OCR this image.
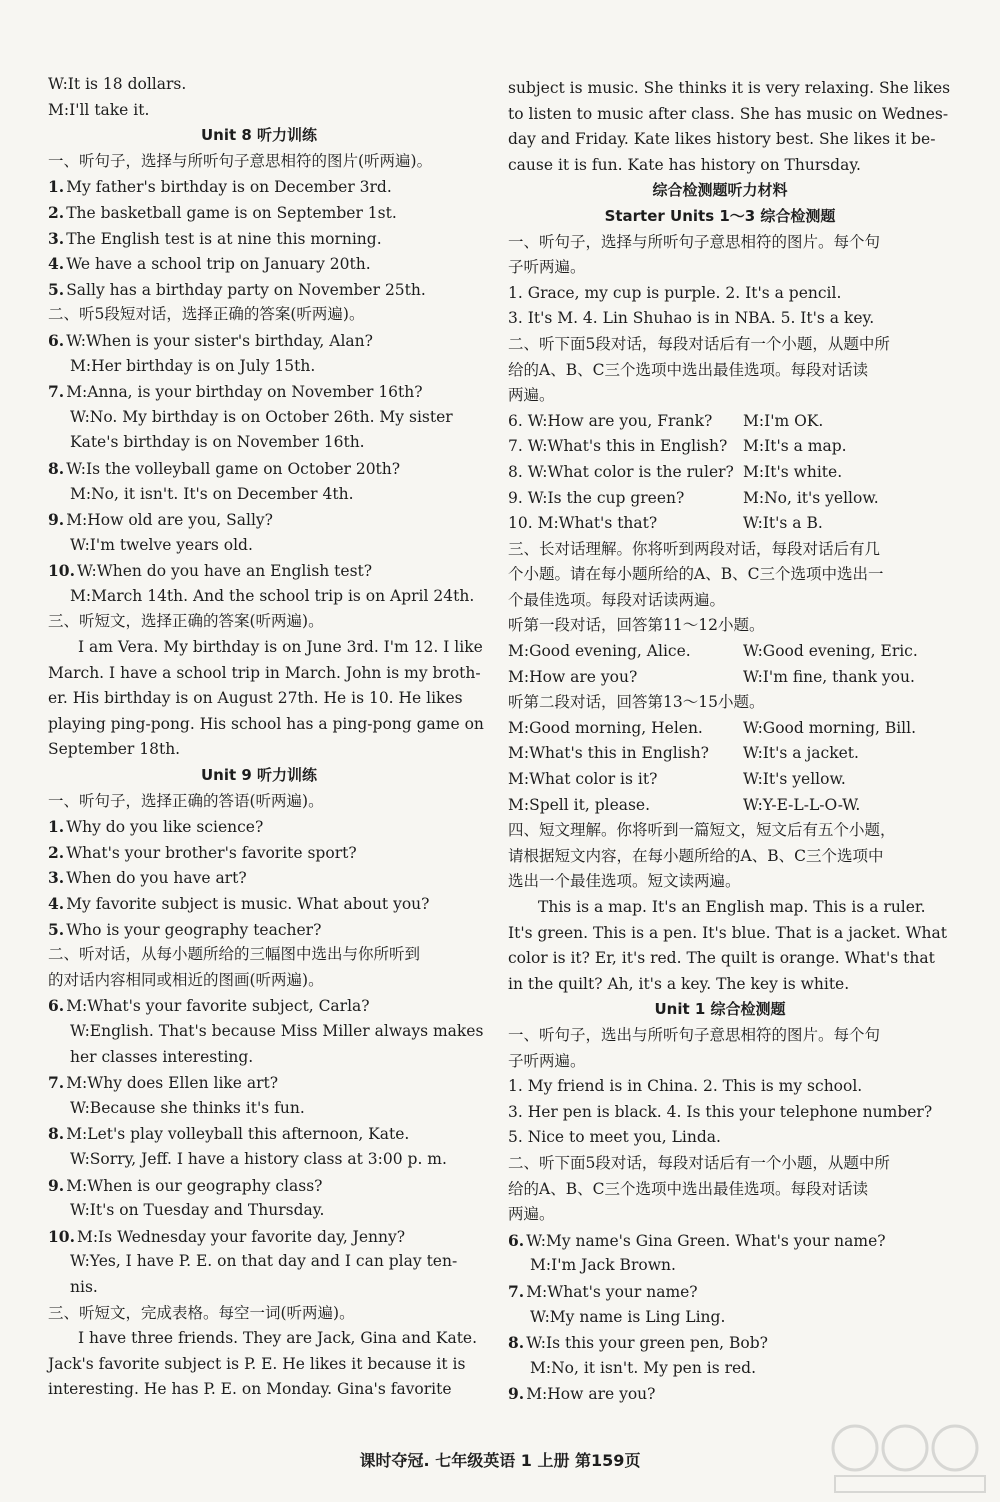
W:It is 18 dollars.
M:I'll take it.
Unit 8 听力训练
一、听句子，选择与所听句子意思相符的图片(听两遍)。
1. My father's birthday is on December 3rd.
2. The basketball game is on September 1st.
3. The English test is at nine this morning.
4. We have a school trip on January 20th.
5. Sally has a birthday party on November 25th.
二、听5段短对话，选择正确的答案(听两遍)。
6. W:When is your sister's birthday, Alan?
M:Her birthday is on July 15th.
7. M:Anna, is your birthday on November 16th?
W:No. My birthday is on October 26th. My sister
Kate's birthday is on November 16th.
8. W:Is the volleyball game on October 20th?
M:No, it isn't. It's on December 4th.
9. M:How old are you, Sally?
W:I'm twelve years old.
10. W:When do you have an English test?
M:March 14th. And the school trip is on April 24th.
三、听短文，选择正确的答案(听两遍)。
I am Vera. My birthday is on June 3rd. I'm 12. I like
March. I have a school trip in March. John is my broth-
er. His birthday is on August 27th. He is 10. He likes
playing ping-pong. His school has a ping-pong game on
September 18th.
Unit 9 听力训练
一、听句子，选择正确的答语(听两遍)。
1. Why do you like science?
2. What's your brother's favorite sport?
3. When do you have art?
4. My favorite subject is music. What about you?
5. Who is your geography teacher?
二、听对话，从每小题所给的三幅图中选出与你所听到
的对话内容相同或相近的图画(听两遍)。
6. M:What's your favorite subject, Carla?
W:English. That's because Miss Miller always makes
her classes interesting.
7. M:Why does Ellen like art?
W:Because she thinks it's fun.
8. M:Let's play volleyball this afternoon, Kate.
W:Sorry, Jeff. I have a history class at 3:00 p. m.
9. M:When is our geography class?
W:It's on Tuesday and Thursday.
10. M:Is Wednesday your favorite day, Jenny?
W:Yes, I have P. E. on that day and I can play ten-
nis.
三、听短文，完成表格。每空一词(听两遍)。
I have three friends. They are Jack, Gina and Kate.
Jack's favorite subject is P. E. He likes it because it is
interesting. He has P. E. on Monday. Gina's favorite
subject is music. She thinks it is very relaxing. She likes
to listen to music after class. She has music on Wednes-
day and Friday. Kate likes history best. She likes it be-
cause it is fun. Kate has history on Thursday.
综合检测题听力材料
Starter Units 1～3 综合检测题
一、听句子，选择与所听句子意思相符的图片。每个句
子听两遍。
1. Grace, my cup is purple. 2. It's a pencil.
3. It's M. 4. Lin Shuhao is in NBA. 5. It's a key.
二、听下面5段对话，每段对话后有一个小题，从题中所
给的A、B、C三个选项中选出最佳选项。每段对话读
两遍。
6. W:How are you, Frank?	M:I'm OK.
7. W:What's this in English?	M:It's a map.
8. W:What color is the ruler? M:It's white.
9. W:Is the cup green?	M:No, it's yellow.
10. M:What's that?	W:It's a B.
三、长对话理解。你将听到两段对话，每段对话后有几
个小题。请在每小题所给的A、B、C三个选项中选出一
个最佳选项。每段对话读两遍。
听第一段对话，回答第11～12小题。
M:Good evening, Alice.	W:Good evening, Eric.
M:How are you?	W:I'm fine, thank you.
听第二段对话，回答第13～15小题。
M:Good morning, Helen.	W:Good morning, Bill.
M:What's this in English?	W:It's a jacket.
M:What color is it?	W:It's yellow.
M:Spell it, please.	W:Y-E-L-L-O-W.
四、短文理解。你将听到一篇短文，短文后有五个小题，
请根据短文内容，在每小题所给的A、B、C三个选项中
选出一个最佳选项。短文读两遍。
This is a map. It's an English map. This is a ruler.
It's green. This is a pen. It's blue. That is a jacket. What
color is it? Er, it's red. The quilt is orange. What's that
in the quilt? Ah, it's a key. The key is white.
Unit 1 综合检测题
一、听句子，选出与所听句子意思相符的图片。每个句
子听两遍。
1. My friend is in China. 2. This is my school.
3. Her pen is black. 4. Is this your telephone number?
5. Nice to meet you, Linda.
二、听下面5段对话，每段对话后有一个小题，从题中所
给的A、B、C三个选项中选出最佳选项。每段对话读
两遍。
6. W:My name's Gina Green. What's your name?
M:I'm Jack Brown.
7. M:What's your name?
W:My name is Ling Ling.
8. W:Is this your green pen, Bob?
M:No, it isn't. My pen is red.
9. M:How are you?
课时夺冠. 七年级英语 1 上册 第159页
